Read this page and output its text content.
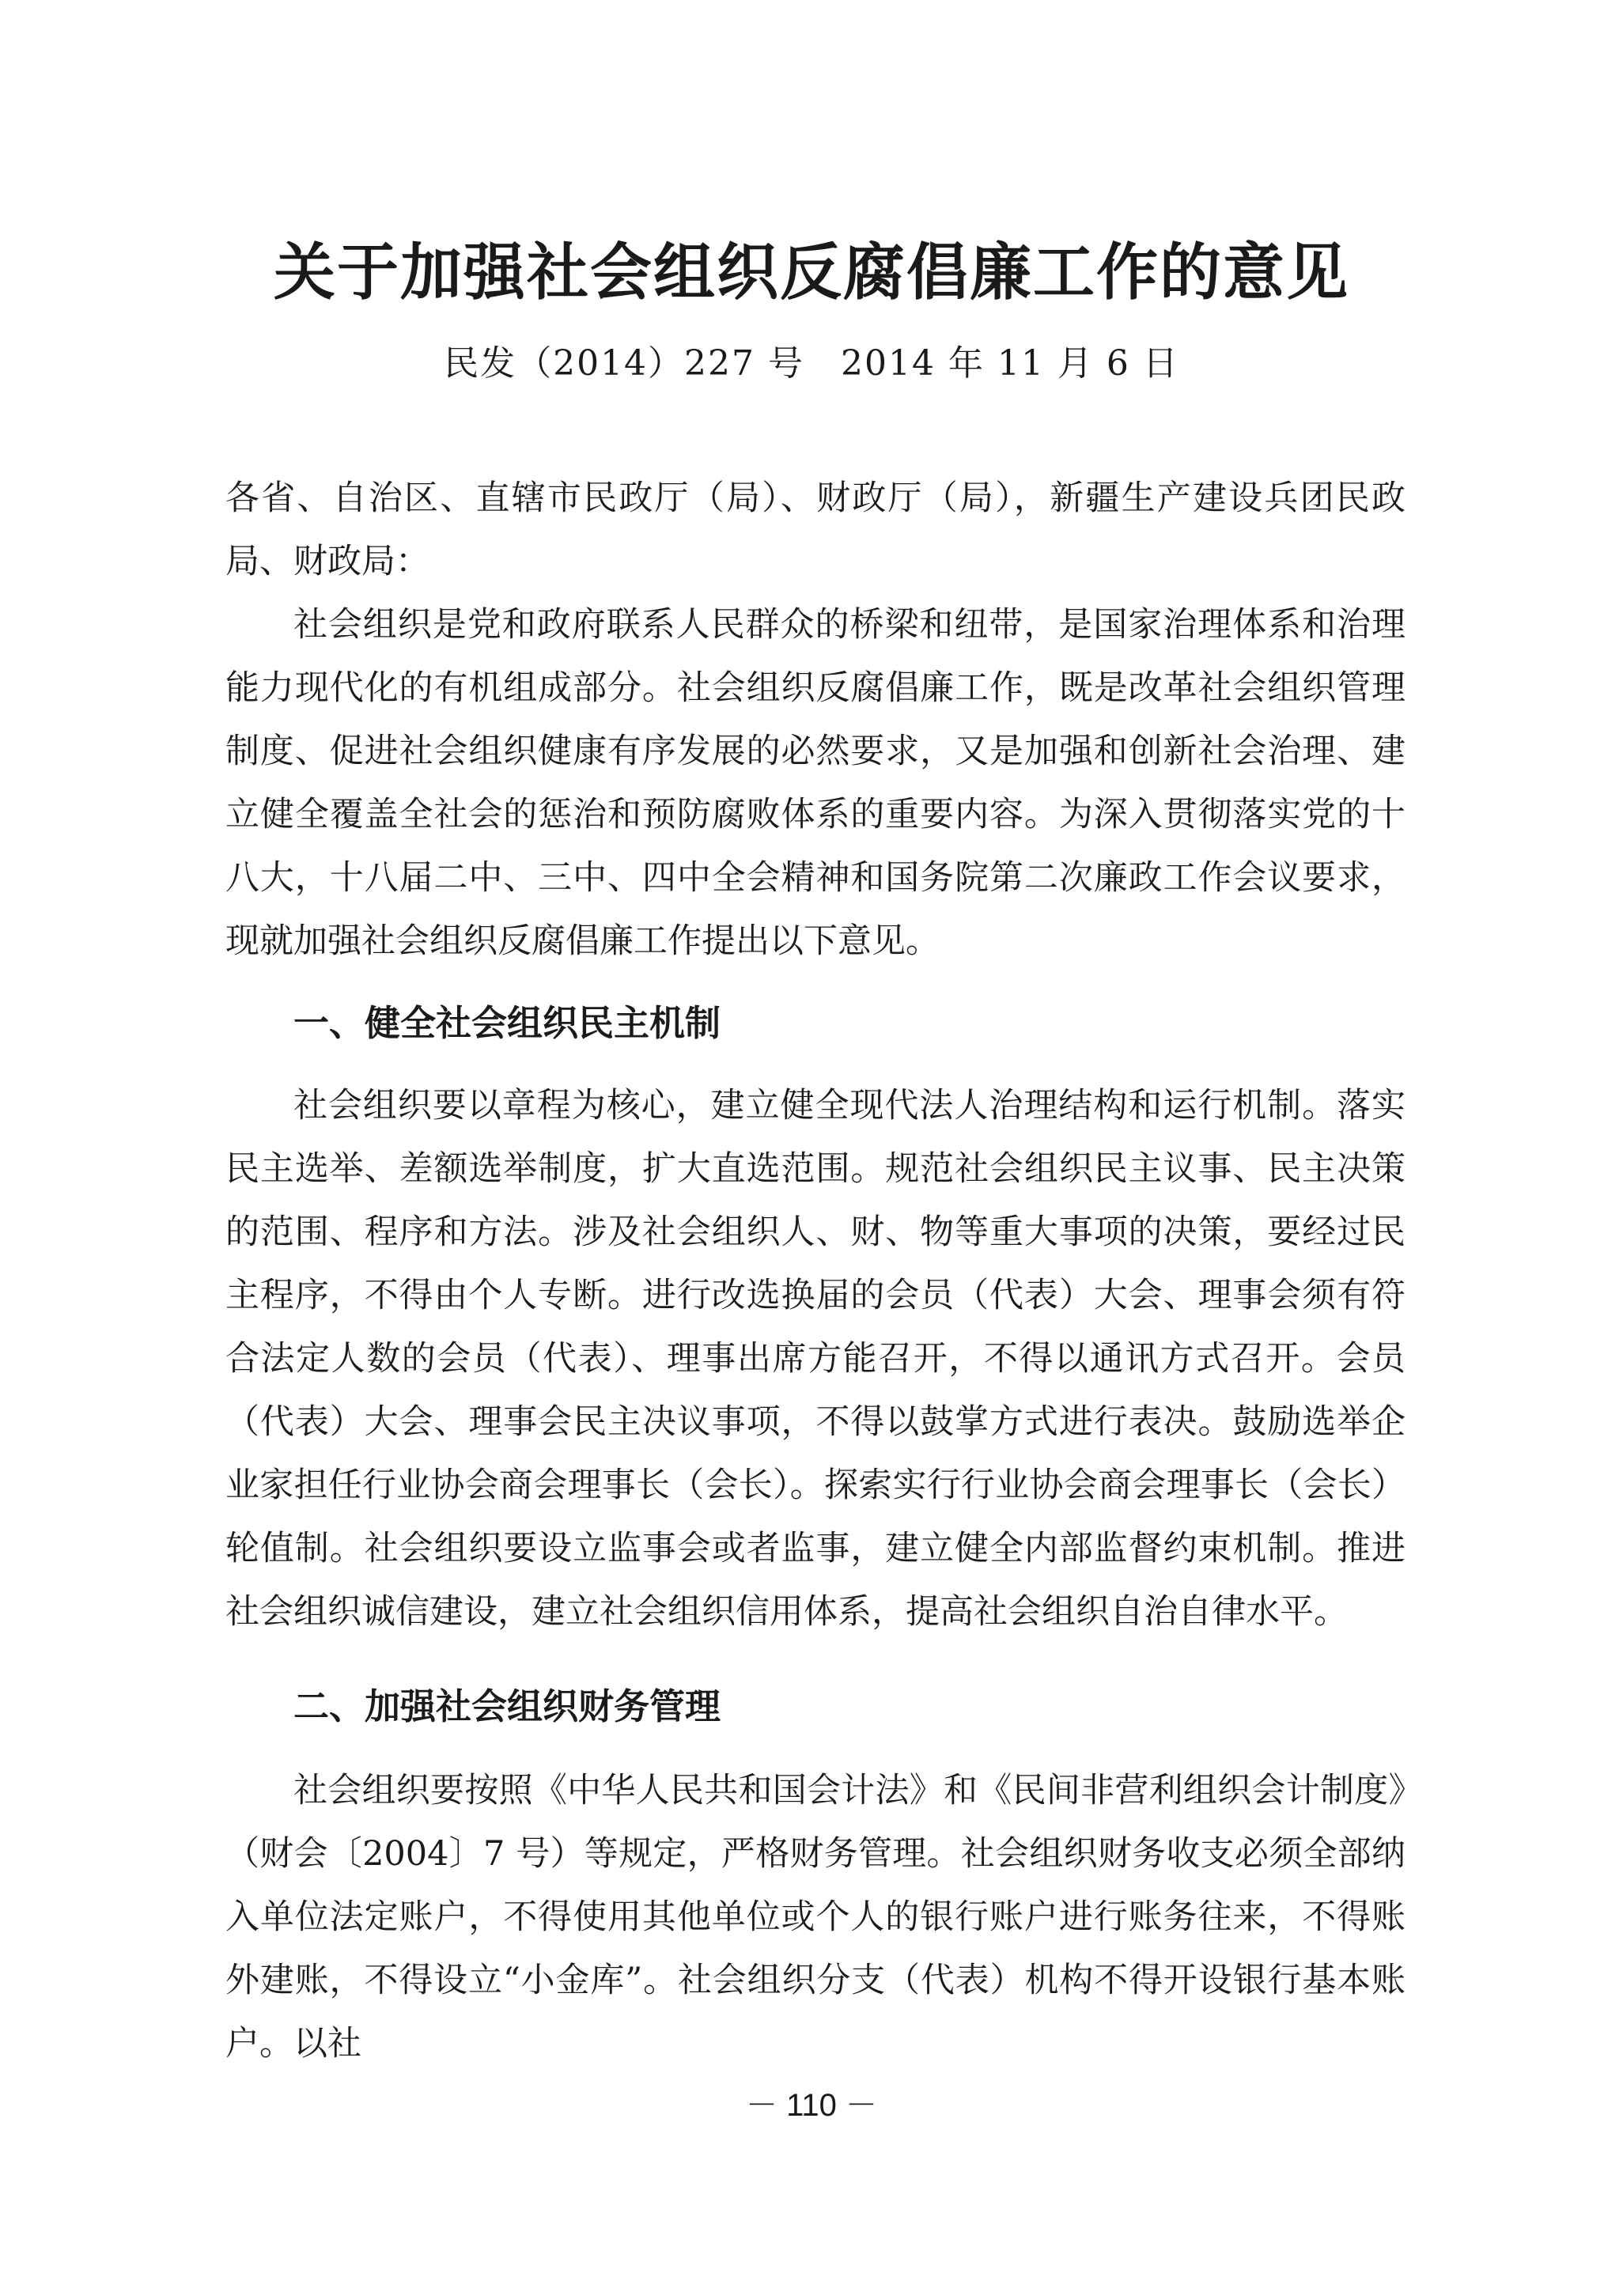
关于加强社会组织反腐倡廉工作的意见
民发（2014）227 号　2014 年 11 月 6 日

各省、自治区、直辖市民政厅（局）、财政厅（局），新疆生产建设兵团民政局、财政局：

社会组织是党和政府联系人民群众的桥梁和纽带，是国家治理体系和治理能力现代化的有机组成部分。社会组织反腐倡廉工作，既是改革社会组织管理制度、促进社会组织健康有序发展的必然要求，又是加强和创新社会治理、建立健全覆盖全社会的惩治和预防腐败体系的重要内容。为深入贯彻落实党的十八大，十八届二中、三中、四中全会精神和国务院第二次廉政工作会议要求，现就加强社会组织反腐倡廉工作提出以下意见。

一、健全社会组织民主机制

社会组织要以章程为核心，建立健全现代法人治理结构和运行机制。落实民主选举、差额选举制度，扩大直选范围。规范社会组织民主议事、民主决策的范围、程序和方法。涉及社会组织人、财、物等重大事项的决策，要经过民主程序，不得由个人专断。进行改选换届的会员（代表）大会、理事会须有符合法定人数的会员（代表）、理事出席方能召开，不得以通讯方式召开。会员（代表）大会、理事会民主决议事项，不得以鼓掌方式进行表决。鼓励选举企业家担任行业协会商会理事长（会长）。探索实行行业协会商会理事长（会长）轮值制。社会组织要设立监事会或者监事，建立健全内部监督约束机制。推进社会组织诚信建设，建立社会组织信用体系，提高社会组织自治自律水平。

二、加强社会组织财务管理

社会组织要按照《中华人民共和国会计法》和《民间非营利组织会计制度》（财会〔2004〕7 号）等规定，严格财务管理。社会组织财务收支必须全部纳入单位法定账户，不得使用其他单位或个人的银行账户进行账务往来，不得账外建账，不得设立“小金库”。社会组织分支（代表）机构不得开设银行基本账户。以社

－ 110 －
